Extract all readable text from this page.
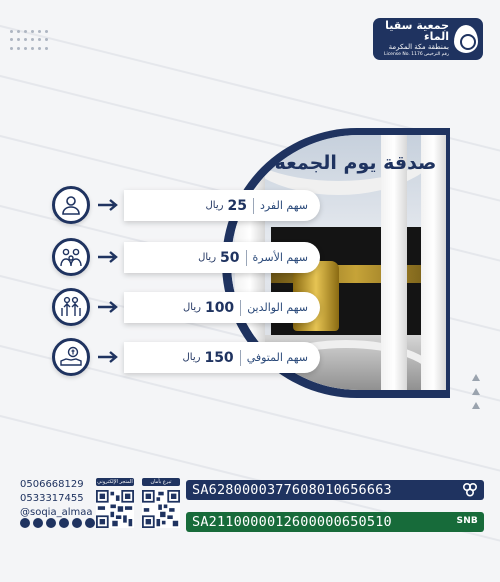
جمعية سقيا الماء
بمنطقة مكة المكرمة
License No. 1176 رقم الترخيص
صدقة يوم الجمعة
سهم الفرد
25
ريال
سهم الأسرة
50
ريال
سهم الوالدين
100
ريال
سهم المتوفي
150
ريال
0506668129
0533317455
@soqia_almaa
المتجر الإلكتروني	تبرع بأمان	SA6280000377608010656663
SA2110000012600000650510	SNB
